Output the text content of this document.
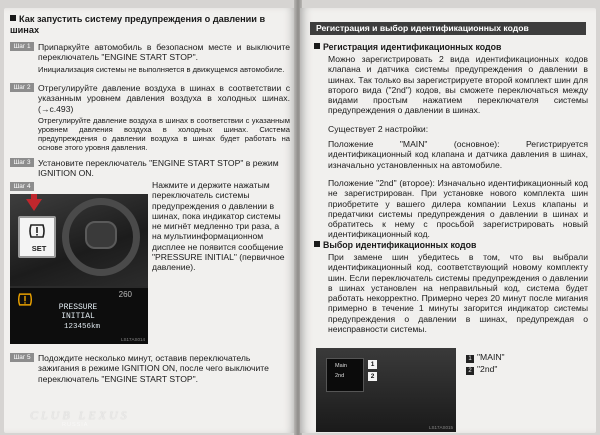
Как запустить систему предупреждения о давлении в шинах
Шаг 1 Припаркуйте автомобиль в безопасном месте и выключите переключатель "ENGINE START STOP".

Инициализация системы не выполняется в движущемся автомобиле.

Шаг 2 Отрегулируйте давление воздуха в шинах в соответствии с указанным уровнем давления воздуха в холодных шинах. (→с.493)

Отрегулируйте давление воздуха в шинах в соответствии с указанным уровнем давления воздуха в холодных шинах. Система предупреждения о давлении воздуха в шинах будет работать на основе этого уровня давления.

Шаг 3 Установите переключатель "ENGINE START STOP" в режим IGNITION ON.

Шаг 4	Нажмите и держите нажатым переключатель системы предупреждения о давлении в шинах, пока индикатор системы не мигнёт медленно три раза, а на мультиинформационном дисплее не появится сообщение "PRESSURE INITIAL" (первичное давление).

SET
260
PRESSURE
INITIAL
123456km
LS17AS014
Шаг 5 Подождите несколько минут, оставив переключатель зажигания в режиме IGNITION ON, после чего выключите переключатель "ENGINE START STOP".

Регистрация и выбор идентификационных кодов
Регистрация идентификационных кодов

Можно зарегистрировать 2 вида идентификационных кодов клапана и датчика системы предупреждения о давлении в шинах. Так только вы зарегистрируете второй комплект шин для второго вида ("2nd") кодов, вы сможете переключаться между видами простым нажатием переключателя системы предупреждения о давлении в шинах.

Существует 2 настройки:

Положение "MAIN" (основное): Регистрируется идентификационный код клапана и датчика давления в шинах, изначально установленных на автомобиле.

Положение "2nd" (второе): Изначально идентификационный код не зарегистрирован. При установке нового комплекта шин приобретите у вашего дилера компании Lexus клапаны и предатчики системы предупреждения о давлении в шинах и обратитесь к нему с просьбой зарегистрировать новый идентификационный код.

Выбор идентификационных кодов

При замене шин убедитесь в том, что вы выбрали идентификационный код, соответствующий новому комплекту шин. Если переключатель системы предупреждения о давлении в шинах установлен на неправильный код, система будет работать некорректно. Примерно через 20 минут после мигания примерно в течение 1 минуты загорится индикатор системы предупреждения о давлении в шинах, предупреждая о неисправности системы.

Main
2nd
1
2
LS17AS015
1 "MAIN"
2 "2nd"
CLUB LEXUS
RUSSIA
